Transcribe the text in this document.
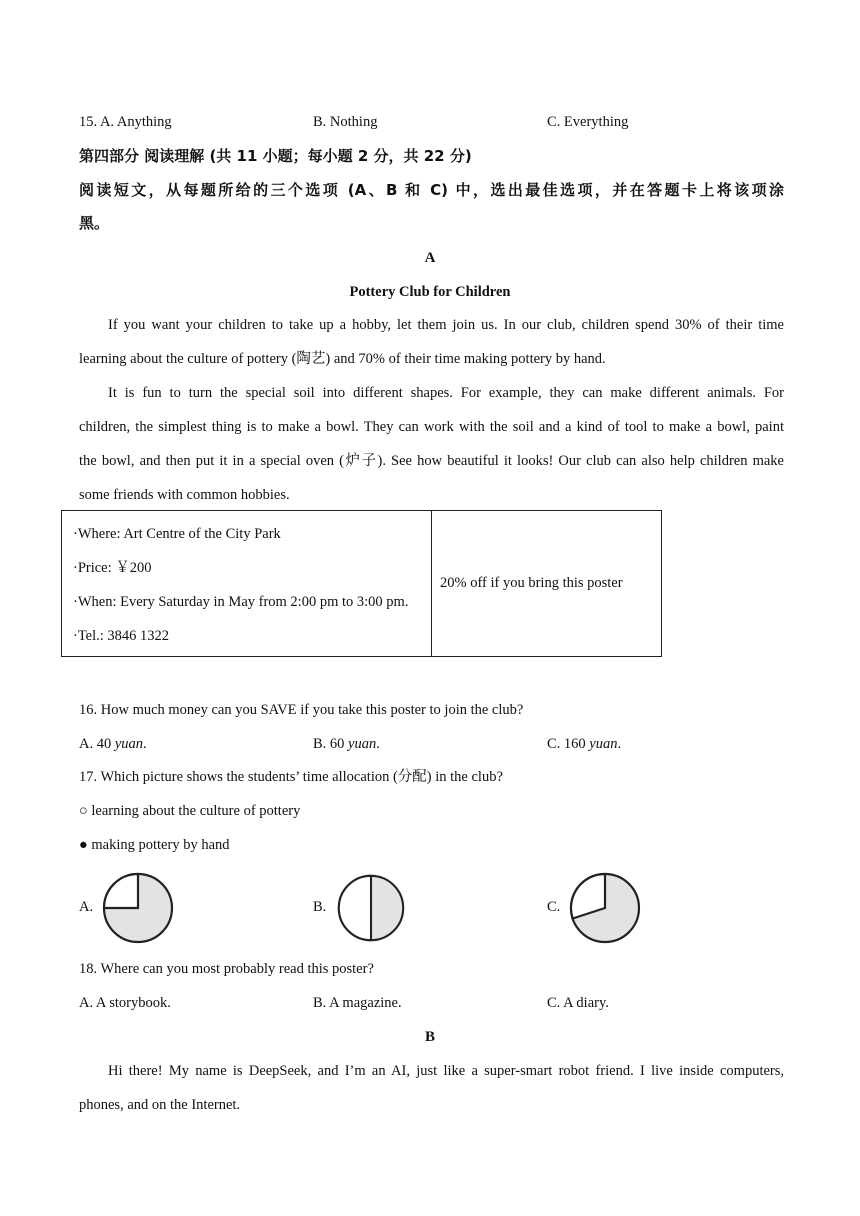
15. A. Anything	B. Nothing	C. Everything
第四部分 阅读理解 (共 11 小题；每小题 2 分，共 22 分)
阅读短文，从每题所给的三个选项 (A、B 和 C) 中，选出最佳选项，并在答题卡上将该项涂
黑。
A
Pottery Club for Children
If you want your children to take up a hobby, let them join us. In our club, children spend 30% of their time
learning about the culture of pottery (陶艺) and 70% of their time making pottery by hand.
It is fun to turn the special soil into different shapes. For example, they can make different animals. For
children, the simplest thing is to make a bowl. They can work with the soil and a kind of tool to make a bowl, paint
the bowl, and then put it in a special oven (炉子). See how beautiful it looks! Our club can also help children make
some friends with common hobbies.
·Where: Art Centre of the City Park
·Price: ￥200
·When: Every Saturday in May from 2:00 pm to 3:00 pm.
·Tel.: 3846 1322

20% off if you bring this poster
16. How much money can you SAVE if you take this poster to join the club?
A. 40 yuan.	B. 60 yuan.	C. 160 yuan.
17. Which picture shows the students’ time allocation (分配) in the club?
○ learning about the culture of pottery
● making pottery by hand
A.	B.	C.
18. Where can you most probably read this poster?
A. A storybook.	B. A magazine.	C. A diary.
B
Hi there! My name is DeepSeek, and I’m an AI, just like a super-smart robot friend. I live inside computers,
phones, and on the Internet.
